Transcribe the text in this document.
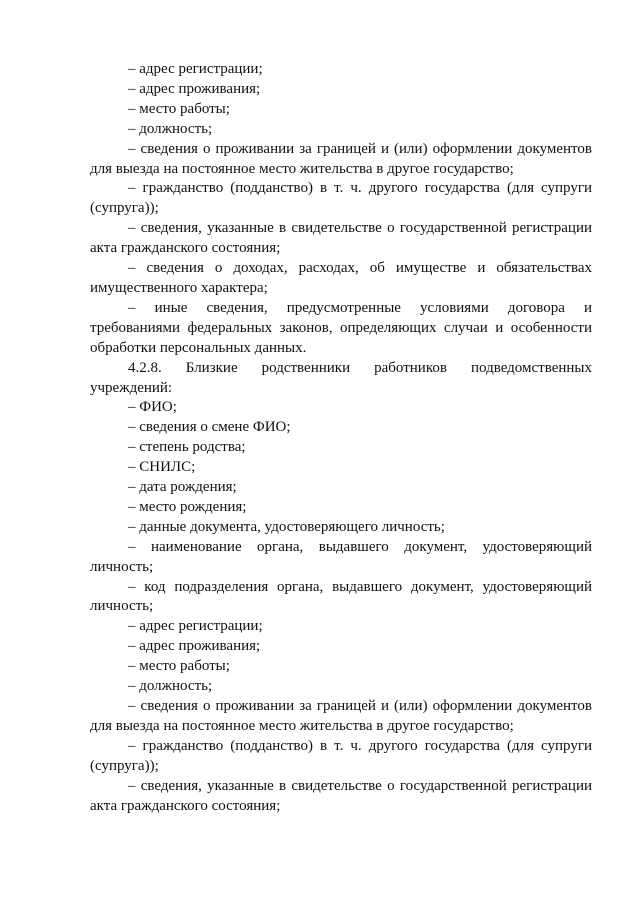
– адрес регистрации;

– адрес проживания;

– место работы;

– должность;

– сведения о проживании за границей и (или) оформлении документов для выезда на постоянное место жительства в другое государство;

– гражданство (подданство) в т. ч. другого государства (для супруги (супруга));

– сведения, указанные в свидетельстве о государственной регистрации акта гражданского состояния;

– сведения о доходах, расходах, об имуществе и обязательствах имущественного характера;

– иные сведения, предусмотренные условиями договора и требованиями федеральных законов, определяющих случаи и особенности обработки персональных данных.

4.2.8. Близкие родственники работников подведомственных учреждений:

– ФИО;

– сведения о смене ФИО;

– степень родства;

– СНИЛС;

– дата рождения;

– место рождения;

– данные документа, удостоверяющего личность;

– наименование органа, выдавшего документ, удостоверяющий личность;

– код подразделения органа, выдавшего документ, удостоверяющий личность;

– адрес регистрации;

– адрес проживания;

– место работы;

– должность;

– сведения о проживании за границей и (или) оформлении документов для выезда на постоянное место жительства в другое государство;

– гражданство (подданство) в т. ч. другого государства (для супруги (супруга));

– сведения, указанные в свидетельстве о государственной регистрации акта гражданского состояния;
